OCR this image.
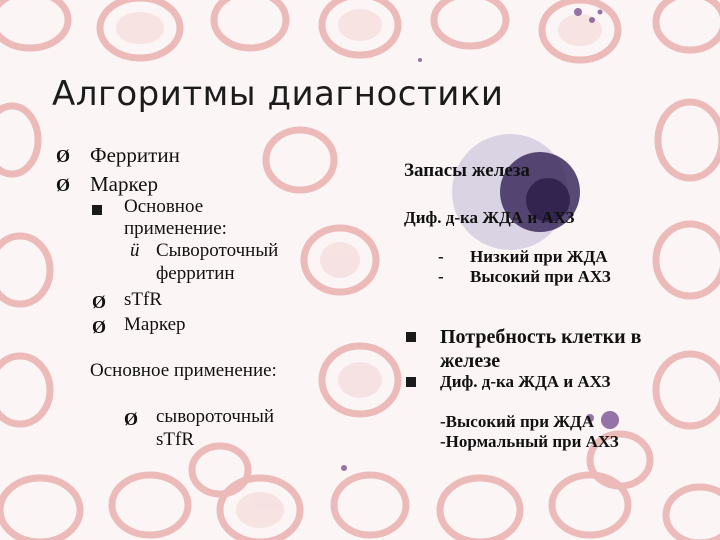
Алгоритмы диагностики
Ø Ферритин
Ø Маркер
Основное
применение:
ü Сывороточный
ферритин
Ø sTfR
Ø Маркер
Основное применение:
Ø сывороточный
sTfR
Запасы железа
Диф. д-ка ЖДА и АХЗ
- Низкий при ЖДА
- Высокий при АХЗ
Потребность клетки в
железе
Диф. д-ка ЖДА и АХЗ
-Высокий при ЖДА
-Нормальный при АХЗ
